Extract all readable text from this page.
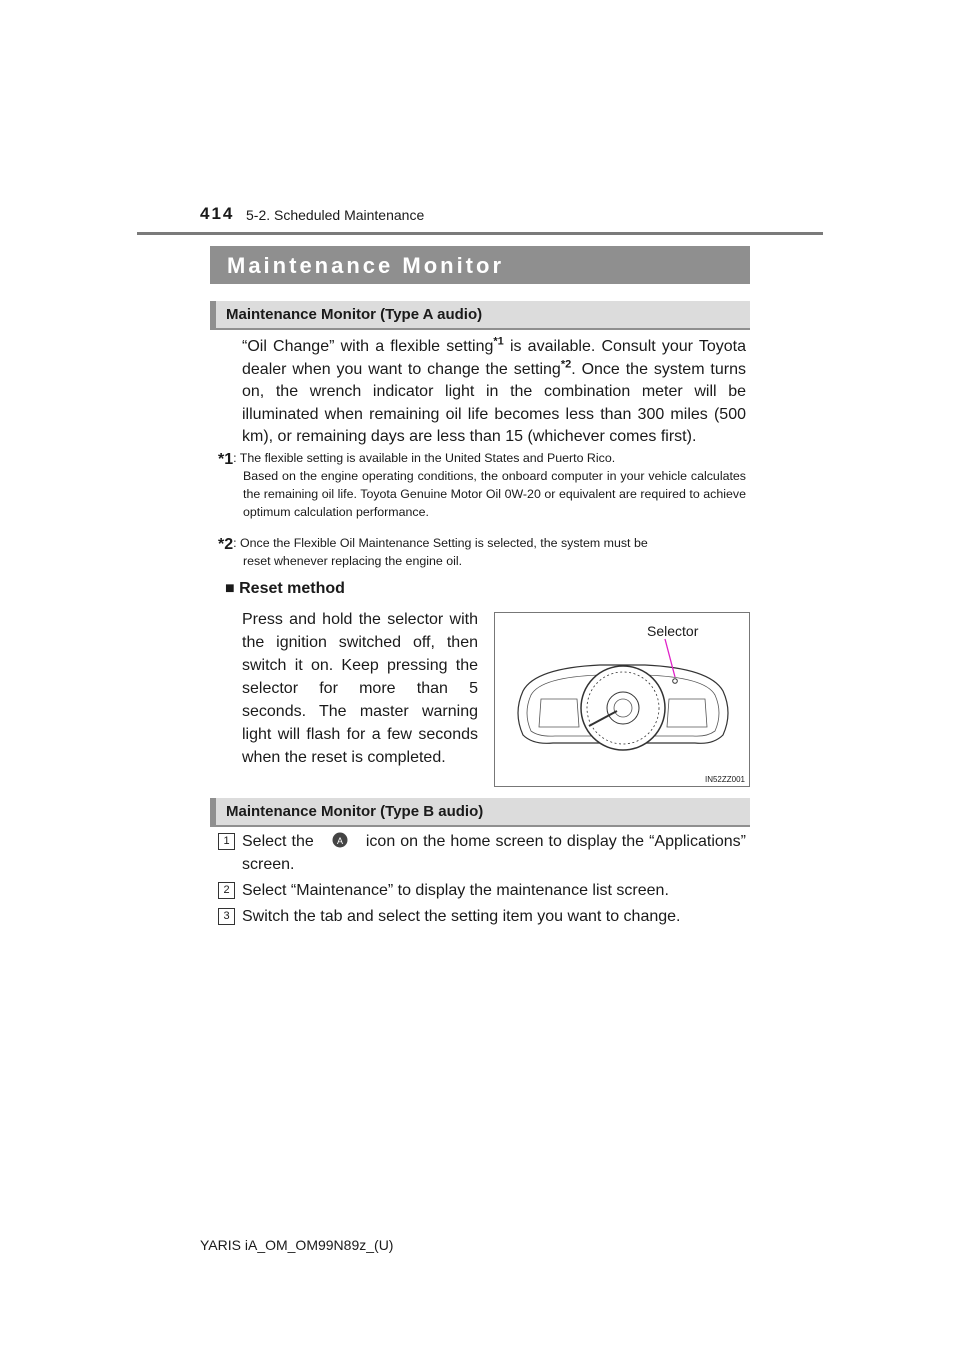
414 5-2. Scheduled Maintenance
Maintenance Monitor
Maintenance Monitor (Type A audio)
“Oil Change” with a flexible setting$^{*1}$ is available. Consult your Toyota dealer when you want to change the setting$^{*2}$. Once the system turns on, the wrench indicator light in the combination meter will be illuminated when remaining oil life becomes less than 300 miles (500 km), or remaining days are less than 15 (whichever comes first).
*1: The flexible setting is available in the United States and Puerto Rico.
Based on the engine operating conditions, the onboard computer in your vehicle calculates the remaining oil life. Toyota Genuine Motor Oil 0W-20 or equivalent are required to achieve optimum calculation performance.
*2: Once the Flexible Oil Maintenance Setting is selected, the system must be
reset whenever replacing the engine oil.
■ Reset method
Press and hold the selector with the ignition switched off, then switch it on. Keep pressing the selector for more than 5 seconds. The master warning light will flash for a few seconds when the reset is completed.
Selector
IN52ZZ001
Maintenance Monitor (Type B audio)
1 Select the A icon on the home screen to display the “Applications” screen.
2 Select “Maintenance” to display the maintenance list screen.
3 Switch the tab and select the setting item you want to change.
YARIS iA_OM_OM99N89z_(U)
